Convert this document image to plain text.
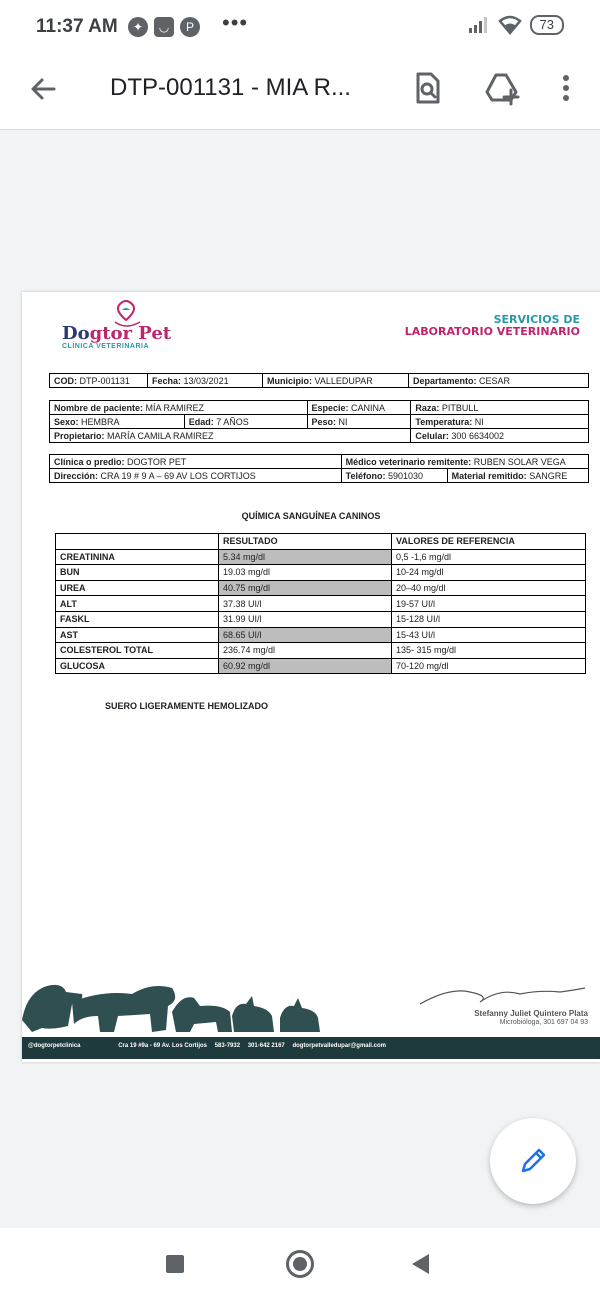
11:37 AM	✦	◡	P •••	73
DTP-001131 - MIA R...
Dogtor Pet
CLÍNICA VETERINARIA
SERVICIOS DE
LABORATORIO VETERINARIO
COD: DTP-001131	Fecha: 13/03/2021	Municipio: VALLEDUPAR	Departamento: CESAR
Nombre de paciente: MÍA RAMIREZ		Especie: CANINA	Raza: PITBULL
Sexo: HEMBRA	Edad: 7 AÑOS	Peso: NI	Temperatura: NI
Propietario: MARÍA CAMILA RAMIREZ			Celular: 300 6634002
Clínica o predio: DOGTOR PET	Médico veterinario remitente: RUBEN SOLAR VEGA	
Dirección: CRA 19 # 9 A – 69 AV LOS CORTIJOS	Teléfono: 5901030	Material remitido: SANGRE
QUÍMICA SANGUÍNEA CANINOS
	RESULTADO	VALORES DE REFERENCIA
CREATININA	5.34 mg/dl	0,5 -1,6 mg/dl
BUN	19.03 mg/dl	10-24 mg/dl
UREA	40.75 mg/dl	20–40 mg/dl
ALT	37.38 UI/l	19-57 UI/l
FASKL	31.99 UI/l	15-128 UI/l
AST	68.65 UI/l	15-43 UI/l
COLESTEROL TOTAL	236.74 mg/dl	135- 315 mg/dl
GLUCOSA	60.92 mg/dl	70-120 mg/dl
SUERO LIGERAMENTE HEMOLIZADO
Stefanny Juliet Quintero Plata
Microbióloga, 301 697 04 93
@dogtorpetclinica	Cra 19 #9a - 69 Av. Los Cortijos 583-7932 301-642 2167 dogtorpetvalledupar@gmail.com
